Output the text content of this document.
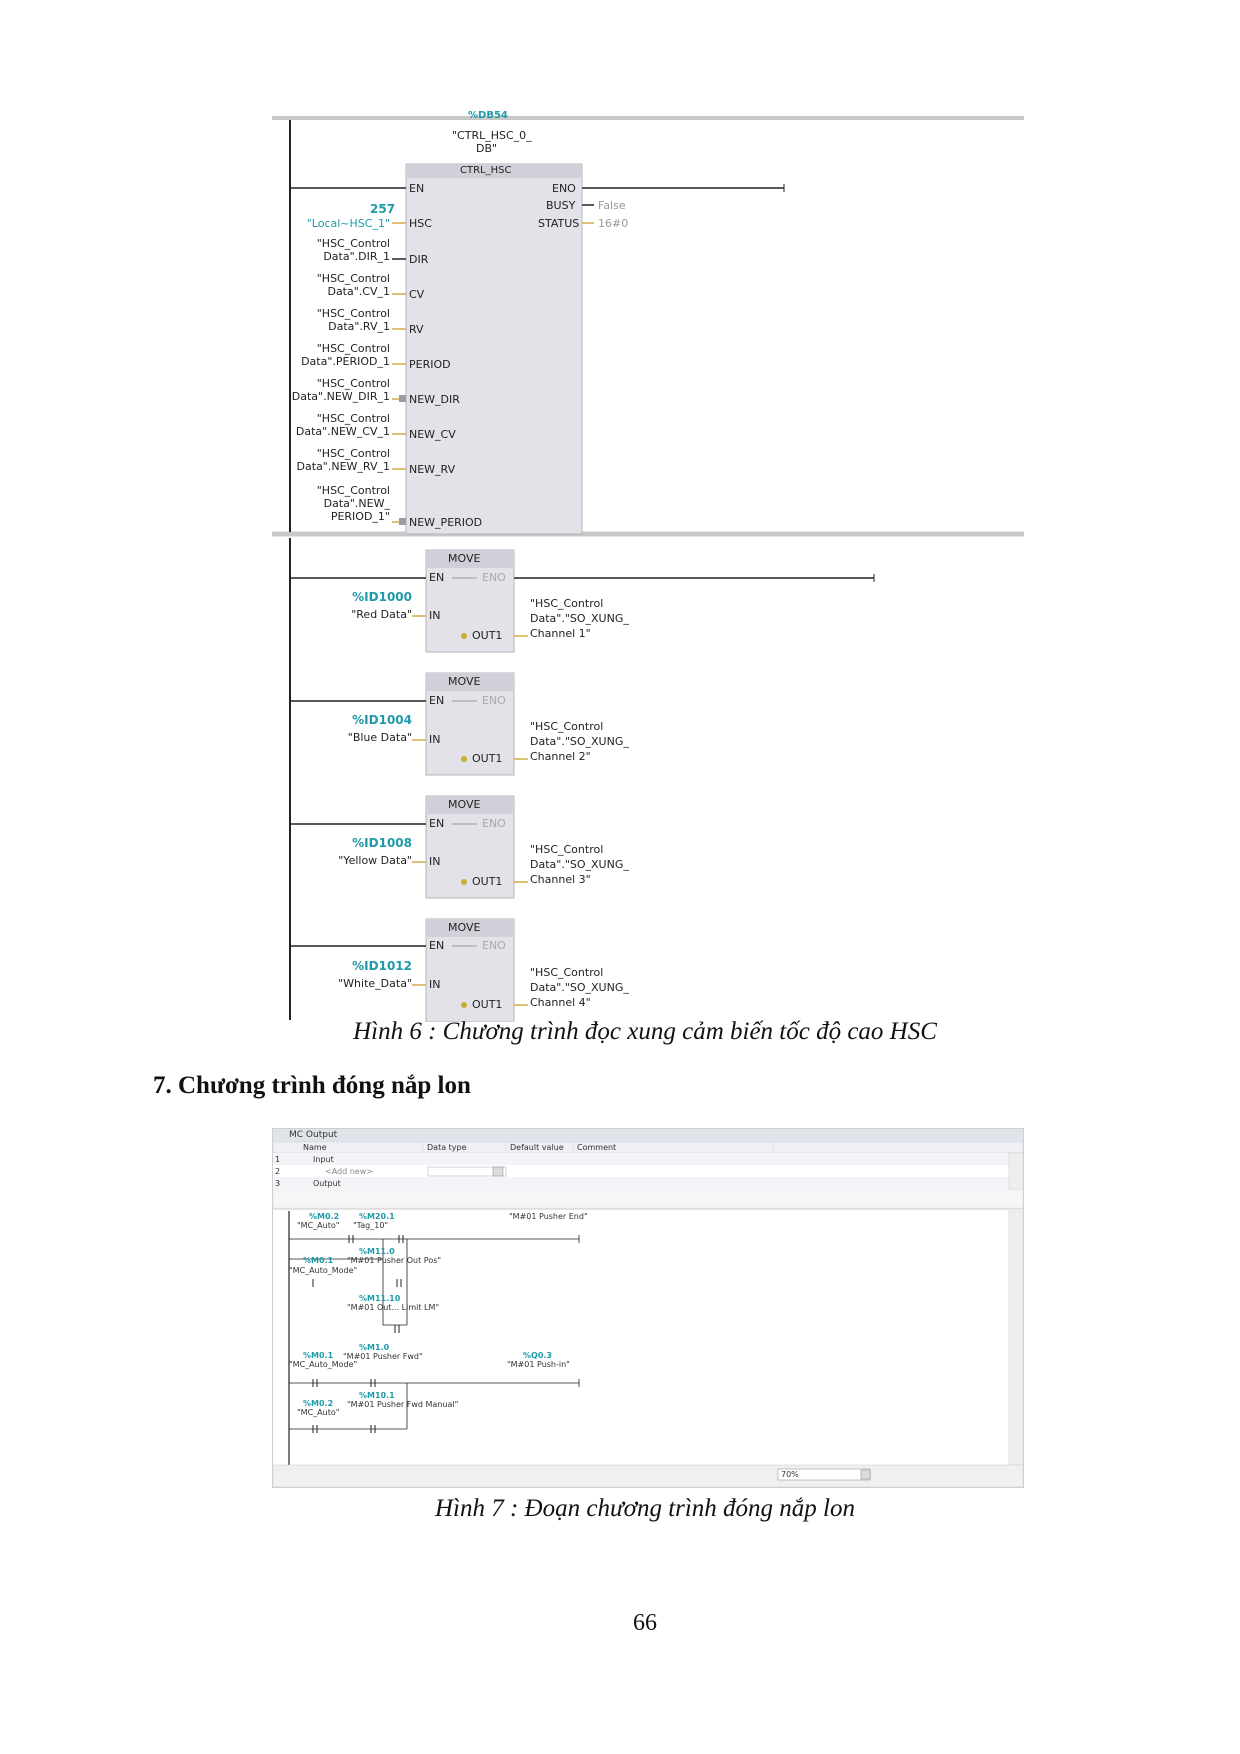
%DB54
"CTRL_HSC_0_
DB"
CTRL_HSC
EN	ENO
BUSY
STATUS
False
16#0
257
"Local~HSC_1" HSC
"HSC_Control
Data".DIR_1 DIR
"HSC_Control
Data".CV_1 CV
"HSC_Control
Data".RV_1 RV
"HSC_Control
Data".PERIOD_1 PERIOD
"HSC_Control
Data".NEW_DIR_1 NEW_DIR
"HSC_Control
Data".NEW_CV_1 NEW_CV
"HSC_Control
Data".NEW_RV_1 NEW_RV
"HSC_Control
Data".NEW_
PERIOD_1" NEW_PERIOD
MOVE
EN	ENO
IN
OUT1
%ID1000
"Red Data"
"HSC_Control
Data"."SO_XUNG_
Channel 1"
MOVE
EN	ENO
IN
OUT1
%ID1004
"Blue Data"
"HSC_Control
Data"."SO_XUNG_
Channel 2"
MOVE
EN	ENO
IN
OUT1
%ID1008
"Yellow Data"
"HSC_Control
Data"."SO_XUNG_
Channel 3"
MOVE
EN	ENO
IN
OUT1
%ID1012
"White_Data"
"HSC_Control
Data"."SO_XUNG_
Channel 4"
Hình 6 : Chương trình đọc xung cảm biến tốc độ cao HSC
7. Chương trình đóng nắp lon
MC Output
Name	Data type	Default value Comment
1	Input
2	<Add new>
3	Output
70%
%M0.2
"MC_Auto"
%M20.1
"Tag_10"
"M#01 Pusher End"
%M0.1
"MC_Auto_Mode"
%M11.0
"M#01 Pusher Out Pos"
%M11.10
"M#01 Out... Limit LM"
%M0.1
"MC_Auto_Mode"
%M1.0
"M#01 Pusher Fwd"	%Q0.3
"M#01 Push-in"
%M0.2
"MC_Auto"
%M10.1
"M#01 Pusher Fwd Manual"
Hình 7 : Đoạn chương trình đóng nắp lon
66
